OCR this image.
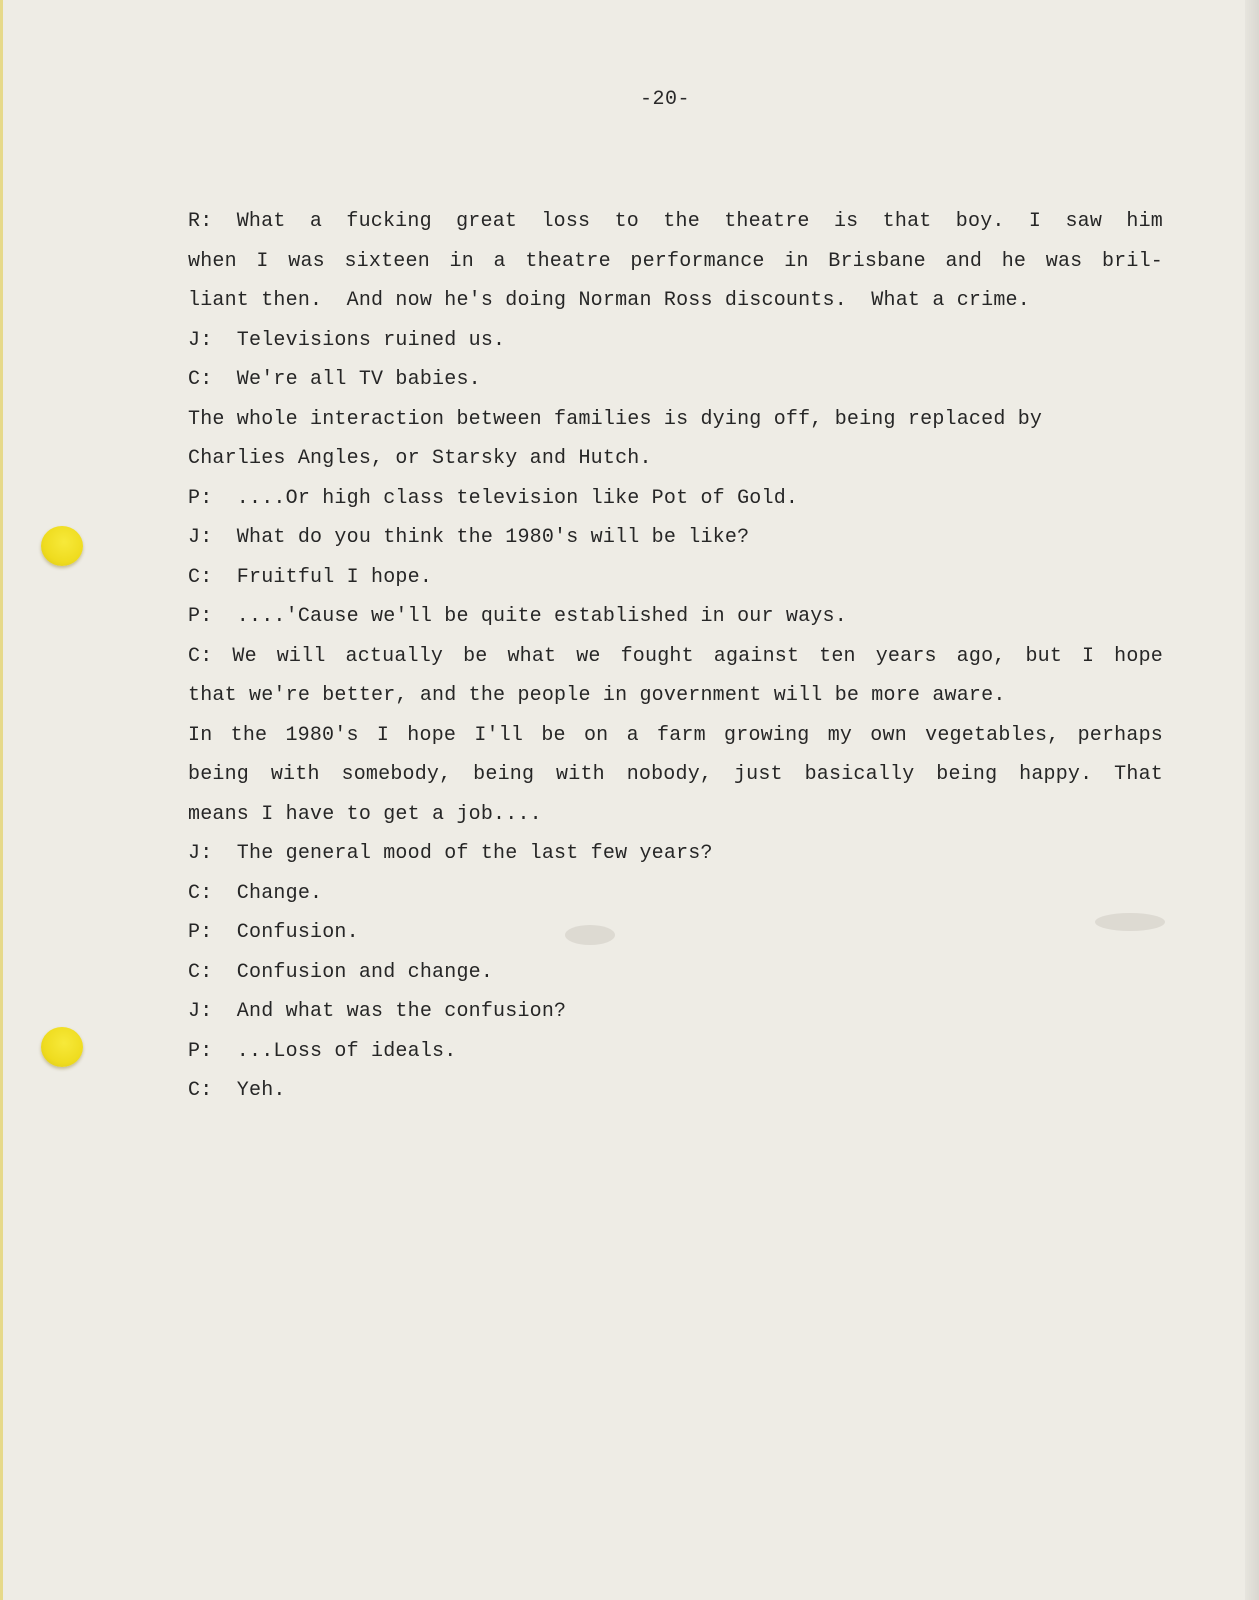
-20-
R: What a fucking great loss to the theatre is that boy. I saw him
when I was sixteen in a theatre performance in Brisbane and he was bril-
liant then.  And now he's doing Norman Ross discounts.  What a crime.
J:  Televisions ruined us.
C:  We're all TV babies.
The whole interaction between families is dying off, being replaced by
Charlies Angles, or Starsky and Hutch.
P:  ....Or high class television like Pot of Gold.
J:  What do you think the 1980's will be like?
C:  Fruitful I hope.
P:  ....'Cause we'll be quite established in our ways.
C: We will actually be what we fought against ten years ago, but I hope
that we're better, and the people in government will be more aware.
In the 1980's I hope I'll be on a farm growing my own vegetables, perhaps
being with somebody, being with nobody, just basically being happy. That
means I have to get a job....
J:  The general mood of the last few years?
C:  Change.
P:  Confusion.
C:  Confusion and change.
J:  And what was the confusion?
P:  ...Loss of ideals.
C:  Yeh.
